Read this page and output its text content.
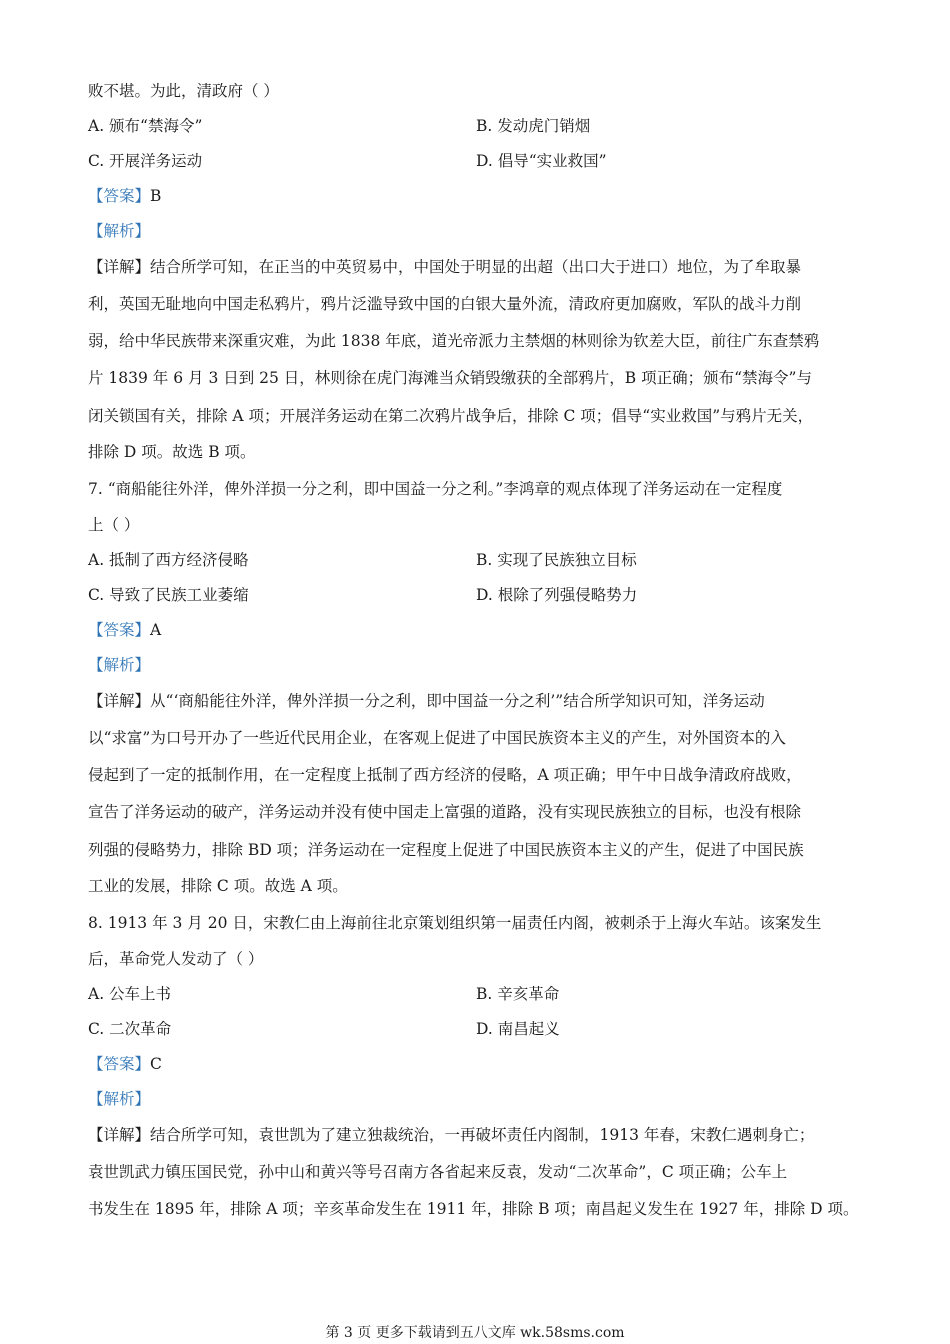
败不堪。为此，清政府（ ）
A. 颁布“禁海令”	B. 发动虎门销烟
C. 开展洋务运动	D. 倡导“实业救国”
【答案】B
【解析】
【详解】结合所学可知，在正当的中英贸易中，中国处于明显的出超（出口大于进口）地位，为了牟取暴
利，英国无耻地向中国走私鸦片，鸦片泛滥导致中国的白银大量外流，清政府更加腐败，军队的战斗力削
弱，给中华民族带来深重灾难，为此 1838 年底，道光帝派力主禁烟的林则徐为钦差大臣，前往广东查禁鸦
片 1839 年 6 月 3 日到 25 日，林则徐在虎门海滩当众销毁缴获的全部鸦片，B 项正确；颁布“禁海令”与
闭关锁国有关，排除 A 项；开展洋务运动在第二次鸦片战争后，排除 C 项；倡导“实业救国”与鸦片无关，
排除 D 项。故选 B 项。
7. “商船能往外洋，俾外洋损一分之利，即中国益一分之利。”李鸿章的观点体现了洋务运动在一定程度
上（ ）
A. 抵制了西方经济侵略	B. 实现了民族独立目标
C. 导致了民族工业萎缩	D. 根除了列强侵略势力
【答案】A
【解析】
【详解】从“‘商船能往外洋，俾外洋损一分之利，即中国益一分之利’”结合所学知识可知，洋务运动
以“求富”为口号开办了一些近代民用企业，在客观上促进了中国民族资本主义的产生，对外国资本的入
侵起到了一定的抵制作用，在一定程度上抵制了西方经济的侵略，A 项正确；甲午中日战争清政府战败，
宣告了洋务运动的破产，洋务运动并没有使中国走上富强的道路，没有实现民族独立的目标，也没有根除
列强的侵略势力，排除 BD 项；洋务运动在一定程度上促进了中国民族资本主义的产生，促进了中国民族
工业的发展，排除 C 项。故选 A 项。
8. 1913 年 3 月 20 日，宋教仁由上海前往北京策划组织第一届责任内阁，被刺杀于上海火车站。该案发生
后，革命党人发动了（ ）
A. 公车上书	B. 辛亥革命
C. 二次革命	D. 南昌起义
【答案】C
【解析】
【详解】结合所学可知，袁世凯为了建立独裁统治，一再破坏责任内阁制，1913 年春，宋教仁遇刺身亡；
袁世凯武力镇压国民党，孙中山和黄兴等号召南方各省起来反袁，发动“二次革命”，C 项正确；公车上
书发生在 1895 年，排除 A 项；辛亥革命发生在 1911 年，排除 B 项；南昌起义发生在 1927 年，排除 D 项。
第 3 页 更多下载请到五八文库 wk.58sms.com
